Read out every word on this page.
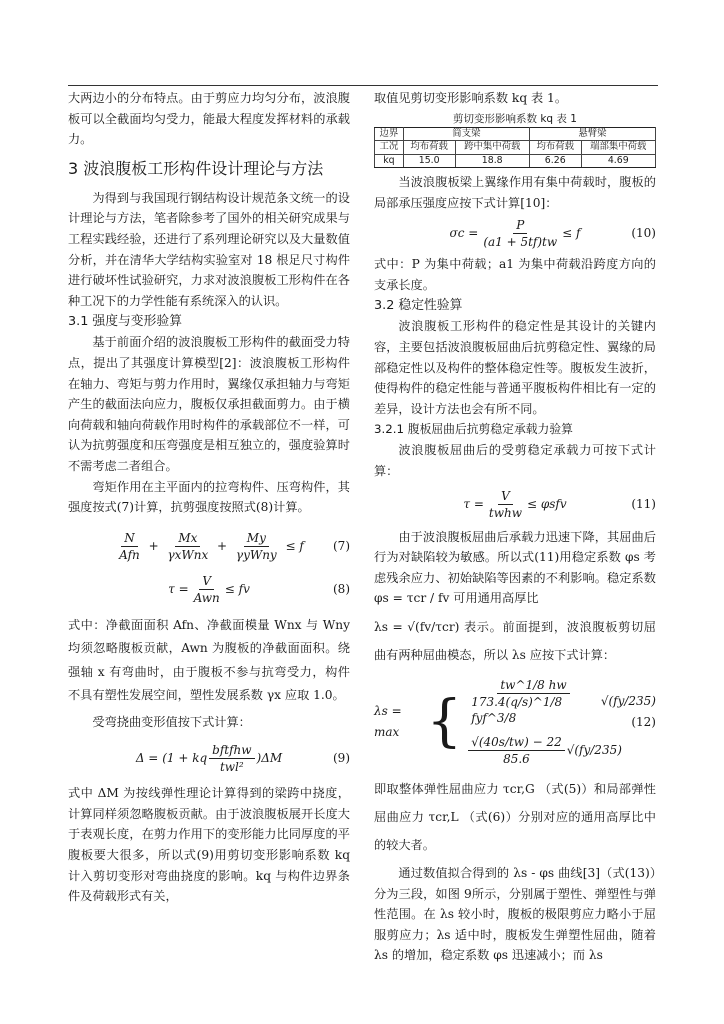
大两边小的分布特点。由于剪应力均匀分布，波浪腹板可以全截面均匀受力，能最大程度发挥材料的承载力。

3 波浪腹板工形构件设计理论与方法

为得到与我国现行钢结构设计规范条文统一的设计理论与方法，笔者除参考了国外的相关研究成果与工程实践经验，还进行了系列理论研究以及大量数值分析，并在清华大学结构实验室对 18 根足尺寸构件进行破坏性试验研究，力求对波浪腹板工形构件在各种工况下的力学性能有系统深入的认识。

3.1 强度与变形验算

基于前面介绍的波浪腹板工形构件的截面受力特点，提出了其强度计算模型[2]：波浪腹板工形构件在轴力、弯矩与剪力作用时，翼缘仅承担轴力与弯矩产生的截面法向应力，腹板仅承担截面剪力。由于横向荷载和轴向荷载作用时构件的承载部位不一样，可认为抗剪强度和压弯强度是相互独立的，强度验算时不需考虑二者组合。

弯矩作用在主平面内的拉弯构件、压弯构件，其强度按式(7)计算，抗剪强度按照式(8)计算。

$\frac{N}{\text{Afn}} + \frac{Mx}{\text{γxWnx}} + \frac{My}{\text{γyWny}}$
≤ f (7)
$\tau = \frac{V}{\text{Awn}}$ ≤ fv	(8)

式中：净截面面积 Afn、净截面模量 Wnx 与 Wny 均须忽略腹板贡献，Awn 为腹板的净截面面积。绕强轴 x 有弯曲时，由于腹板不参与抗弯受力，构件不具有塑性发展空间，塑性发展系数 γx 应取 1.0。

受弯挠曲变形值按下式计算：

Δ =
(1 + kq $\frac{\text{bftfhw}}{\text{twl²}} )\Delta M$	(9)

式中 ΔM 为按线弹性理论计算得到的梁跨中挠度，计算同样须忽略腹板贡献。由于波浪腹板展开长度大于表观长度，在剪力作用下的变形能力比同厚度的平腹板要大很多，所以式(9)用剪切变形影响系数 kq 计入剪切变形对弯曲挠度的影响。kq 与构件边界条件及荷载形式有关，

取值见剪切变形影响系数 kq 表 1。

剪切变形影响系数 kq 表 1
边界	简支梁		悬臂梁	
工况	均布荷载	跨中集中荷载	均布荷载	端部集中荷载
kq	15.0	18.8	6.26	4.69

当波浪腹板梁上翼缘作用有集中荷载时，腹板的局部承压强度应按下式计算[10]：

$\sigma c = \frac{P}{(a1 + 5tf)tw} \le f$	(10)

式中：P 为集中荷载；a1 为集中荷载沿跨度方向的支承长度。

3.2 稳定性验算

波浪腹板工形构件的稳定性是其设计的关键内容，主要包括波浪腹板屈曲后抗剪稳定性、翼缘的局部稳定性以及构件的整体稳定性等。腹板发生波折，使得构件的稳定性能与普通平腹板构件相比有一定的差异，设计方法也会有所不同。

3.2.1 腹板屈曲后抗剪稳定承载力验算

波浪腹板屈曲后的受剪稳定承载力可按下式计算：

$\tau = \frac{V}{\text{twhw}} \le \varphi sfv$	(11)

由于波浪腹板屈曲后承载力迅速下降，其屈曲后行为对缺陷较为敏感。所以式(11)用稳定系数 φs 考虑残余应力、初始缺陷等因素的不利影响。稳定系数 φs = τcr / fv 可用通用高厚比

λs = √(fv/τcr) 表示。前面提到，波浪腹板剪切屈曲有两种屈曲模态，所以 λs 应按下式计算：

λs = max { $\frac{tw\^{}1/8 hw}{\text{173.4(q/s)\textasciicircum{}1/8 fyf\textasciicircum{}3/8}} √(fy/235)$
$\frac{√(40s/tw) - 22}{85.6} √(fy/235)$
(12)

即取整体弹性屈曲应力 τcr,G （式(5)）和局部弹性屈曲应力 τcr,L （式(6)）分别对应的通用高厚比中的较大者。

通过数值拟合得到的 λs - φs 曲线[3]（式(13)）分为三段，如图 9所示，分别属于塑性、弹塑性与弹性范围。在 λs 较小时，腹板的极限剪应力略小于屈服剪应力；λs 适中时，腹板发生弹塑性屈曲，随着 λs 的增加，稳定系数 φs 迅速减小；而 λs
